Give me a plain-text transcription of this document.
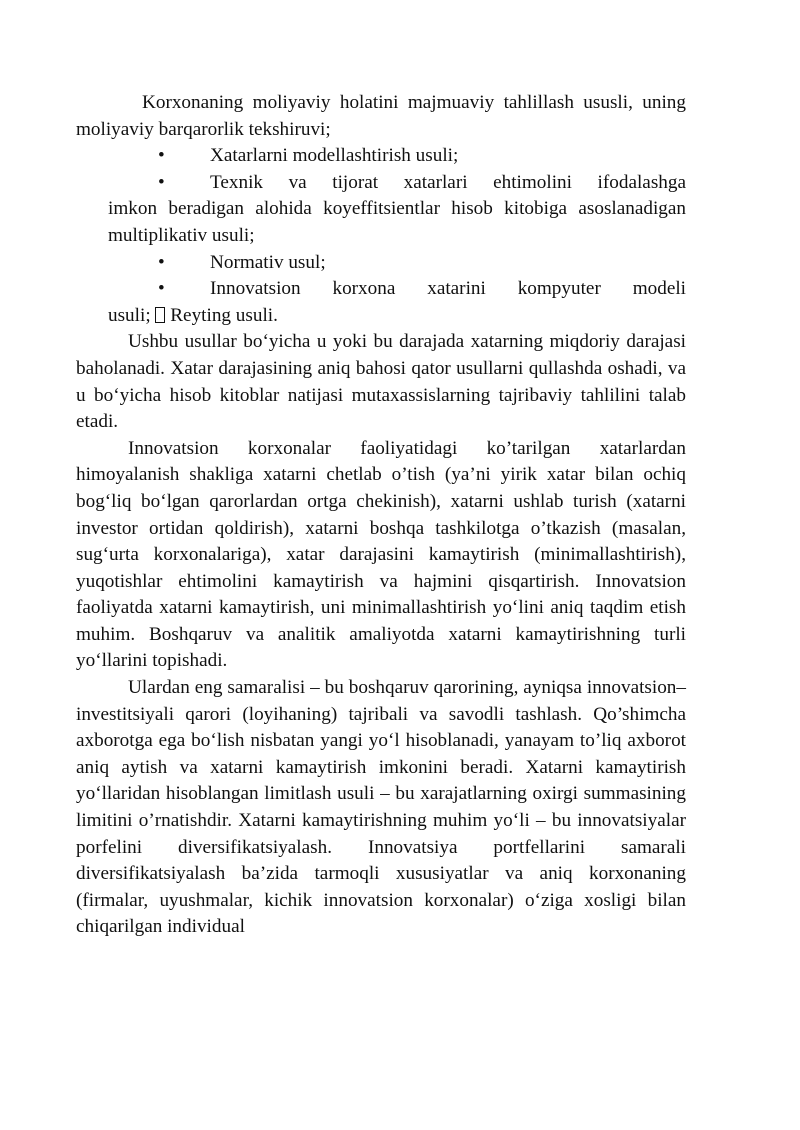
Korxonaning moliyaviy holatini majmuaviy tahlillash ususli, uning moliyaviy barqarorlik tekshiruvi;

•	Xatarlarni modellashtirish usuli;
•	Texnik va tijorat xatarlari ehtimolini ifodalashga
imkon beradigan alohida koyeffitsientlar hisob kitobiga asoslanadigan multiplikativ usuli;
•	Normativ usul;
•	Innovatsion korxona xatarini kompyuter modeli
usuli; Reyting usuli.

Ushbu usullar bo‘yicha u yoki bu darajada xatarning miqdoriy darajasi baholanadi. Xatar darajasining aniq bahosi qator usullarni qullashda oshadi, va u bo‘yicha hisob kitoblar natijasi mutaxassislarning tajribaviy tahlilini talab etadi.

Innovatsion korxonalar faoliyatidagi ko’tarilgan xatarlardan himoyalanish shakliga xatarni chetlab o’tish (ya’ni yirik xatar bilan ochiq bog‘liq bo‘lgan qarorlardan ortga chekinish), xatarni ushlab turish (xatarni investor ortidan qoldirish), xatarni boshqa tashkilotga o’tkazish (masalan, sug‘urta korxonalariga), xatar darajasini kamaytirish (minimallashtirish), yuqotishlar ehtimolini kamaytirish va hajmini qisqartirish. Innovatsion faoliyatda xatarni kamaytirish, uni minimallashtirish yo‘lini aniq taqdim etish muhim. Boshqaruv va analitik amaliyotda xatarni kamaytirishning turli yo‘llarini topishadi.

Ulardan eng samaralisi – bu boshqaruv qarorining, ayniqsa innovatsion–investitsiyali qarori (loyihaning) tajribali va savodli tashlash. Qo’shimcha axborotga ega bo‘lish nisbatan yangi yo‘l hisoblanadi, yanayam to’liq axborot aniq aytish va xatarni kamaytirish imkonini beradi. Xatarni kamaytirish yo‘llaridan hisoblangan limitlash usuli – bu xarajatlarning oxirgi summasining limitini o’rnatishdir. Xatarni kamaytirishning muhim yo‘li – bu innovatsiyalar porfelini diversifikatsiyalash. Innovatsiya portfellarini samarali diversifikatsiyalash ba’zida tarmoqli xususiyatlar va aniq korxonaning (firmalar, uyushmalar, kichik innovatsion korxonalar) o‘ziga xosligi bilan chiqarilgan individual
